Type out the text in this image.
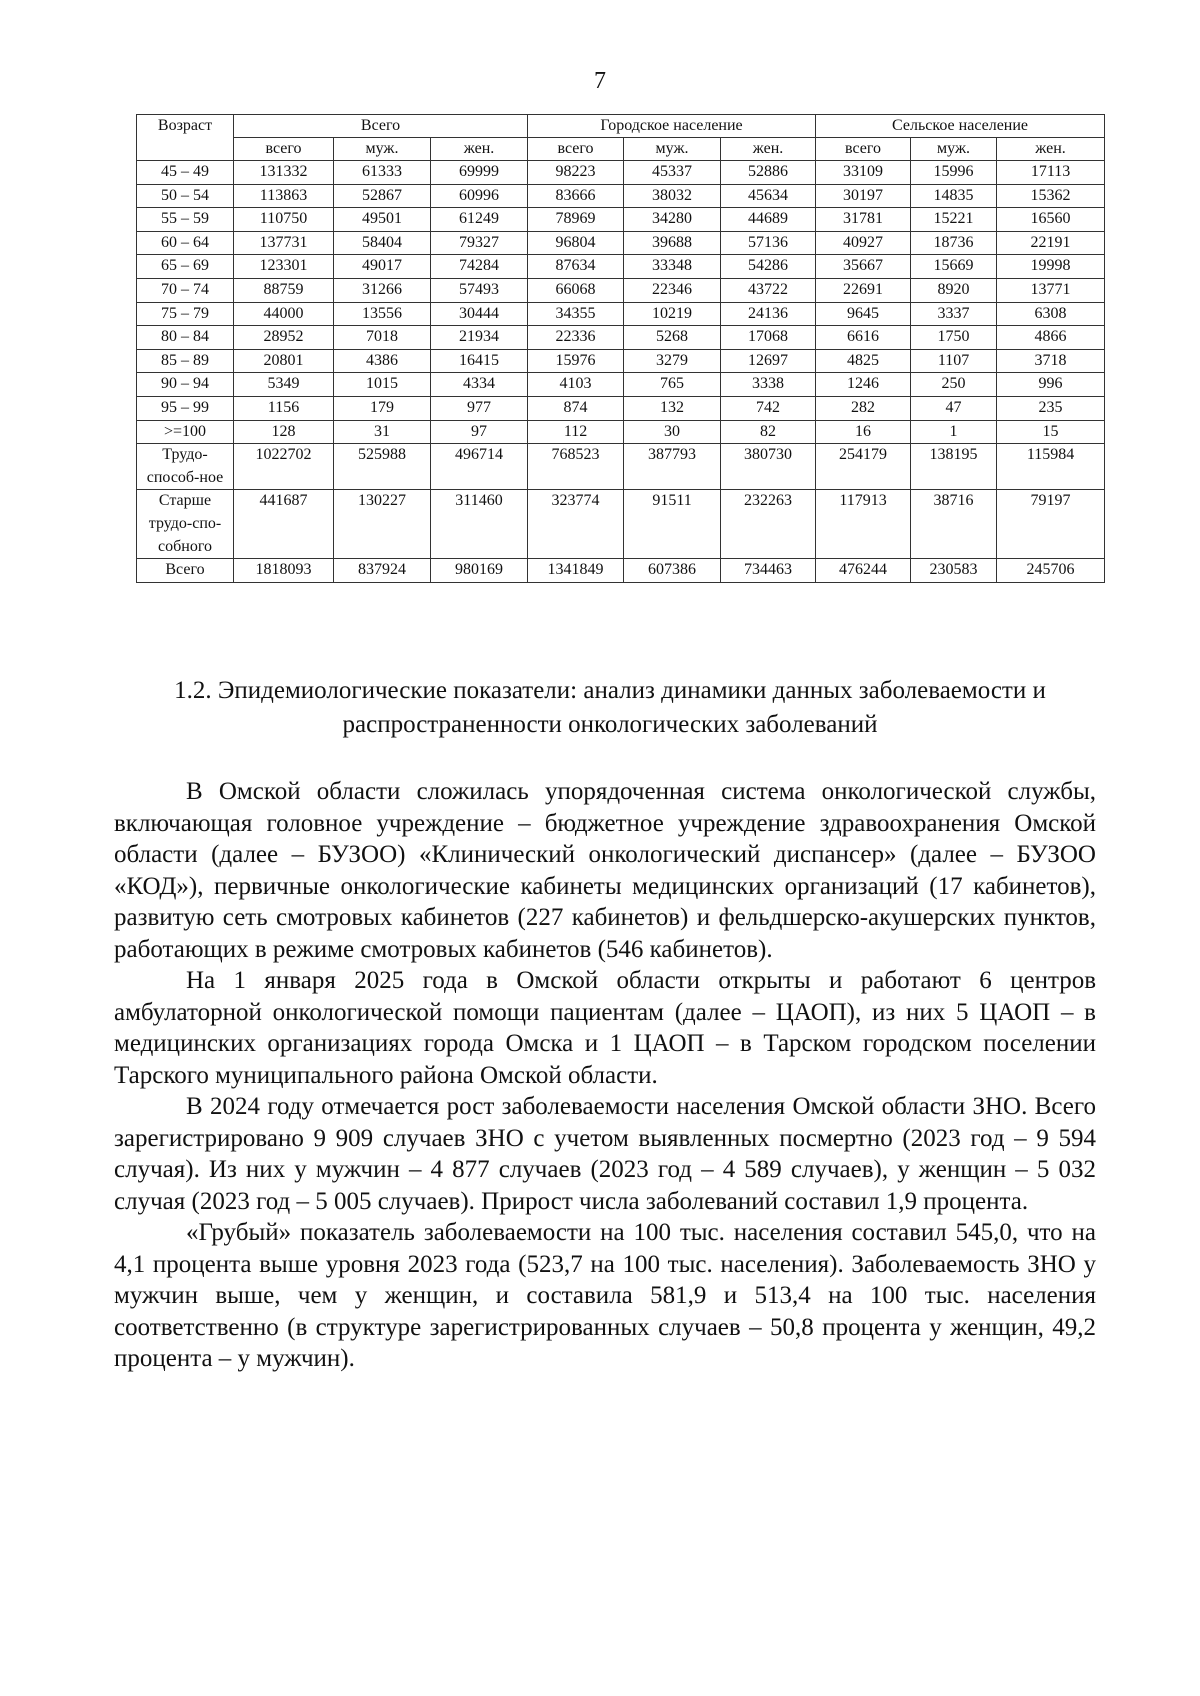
7
Возраст	Всего			Городское население			Сельское население		
	всего	муж.	жен.	всего	муж.	жен.	всего	муж.	жен.
45 – 49	131332	61333	69999	98223	45337	52886	33109	15996	17113
50 – 54	113863	52867	60996	83666	38032	45634	30197	14835	15362
55 – 59	110750	49501	61249	78969	34280	44689	31781	15221	16560
60 – 64	137731	58404	79327	96804	39688	57136	40927	18736	22191
65 – 69	123301	49017	74284	87634	33348	54286	35667	15669	19998
70 – 74	88759	31266	57493	66068	22346	43722	22691	8920	13771
75 – 79	44000	13556	30444	34355	10219	24136	9645	3337	6308
80 – 84	28952	7018	21934	22336	5268	17068	6616	1750	4866
85 – 89	20801	4386	16415	15976	3279	12697	4825	1107	3718
90 – 94	5349	1015	4334	4103	765	3338	1246	250	996
95 – 99	1156	179	977	874	132	742	282	47	235
>=100	128	31	97	112	30	82	16	1	15
Трудо-способ-ное	1022702	525988	496714	768523	387793	380730	254179	138195	115984
Старше трудо-спо-собного	441687	130227	311460	323774	91511	232263	117913	38716	79197
Всего	1818093	837924	980169	1341849	607386	734463	476244	230583	245706
1.2. Эпидемиологические показатели: анализ динамики данных заболеваемости и распространенности онкологических заболеваний

В Омской области сложилась упорядоченная система онкологической службы, включающая головное учреждение – бюджетное учреждение здравоохранения Омской области (далее – БУЗОО) «Клинический онкологический диспансер» (далее – БУЗОО «КОД»), первичные онкологические кабинеты медицинских организаций (17 кабинетов), развитую сеть смотровых кабинетов (227 кабинетов) и фельдшерско-акушерских пунктов, работающих в режиме смотровых кабинетов (546 кабинетов).

На 1 января 2025 года в Омской области открыты и работают 6 центров амбулаторной онкологической помощи пациентам (далее – ЦАОП), из них 5 ЦАОП – в медицинских организациях города Омска и 1 ЦАОП – в Тарском городском поселении Тарского муниципального района Омской области.

В 2024 году отмечается рост заболеваемости населения Омской области ЗНО. Всего зарегистрировано 9 909 случаев ЗНО с учетом выявленных посмертно (2023 год – 9 594 случая). Из них у мужчин – 4 877 случаев (2023 год – 4 589 случаев), у женщин – 5 032 случая (2023 год – 5 005 случаев). Прирост числа заболеваний составил 1,9 процента.

«Грубый» показатель заболеваемости на 100 тыс. населения составил 545,0, что на 4,1 процента выше уровня 2023 года (523,7 на 100 тыс. населения). Заболеваемость ЗНО у мужчин выше, чем у женщин, и составила 581,9 и 513,4 на 100 тыс. населения соответственно (в структуре зарегистрированных случаев – 50,8 процента у женщин, 49,2 процента – у мужчин).
